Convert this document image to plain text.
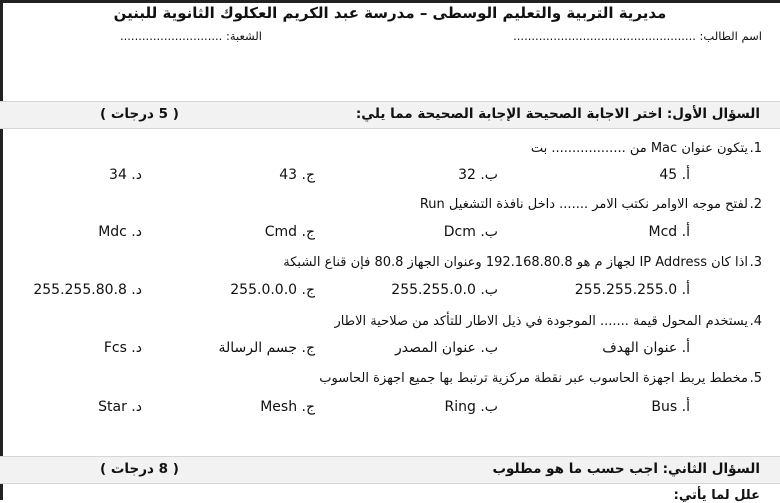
مديرية التربية والتعليم الوسطى – مدرسة عبد الكريم العكلوك الثانوية للبنين
اسم الطالب: ..................................................
الشعبة: ............................
السؤال الأول: اختر الاجابة الصحيحة الإجابة الصحيحة مما يلي:
( 5 درجات )
1.
يتكون عنوان Mac من .................. بت
أ. 45
ب. 32
ج. 43
د. 34
2.
لفتح موجه الاوامر نكتب الامر ....... داخل نافذة التشغيل Run
أ. Mcd
ب. Dcm
ج. Cmd
د. Mdc
3.
اذا كان IP Address لجهاز م هو 192.168.80.8 وعنوان الجهاز 80.8 فإن قناع الشبكة
أ. 255.255.255.0
ب. 255.255.0.0
ج. 255.0.0.0
د. 255.255.80.8
4.
يستخدم المحول قيمة ....... الموجودة في ذيل الاطار للتأكد من صلاحية الاطار
أ. عنوان الهدف
ب. عنوان المصدر
ج. جسم الرسالة
د. Fcs
5.
مخطط يربط اجهزة الحاسوب عبر نقطة مركزية ترتبط بها جميع اجهزة الحاسوب
أ. Bus
ب. Ring
ج. Mesh
د. Star
السؤال الثاني: اجب حسب ما هو مطلوب
( 8 درجات )
علل لما يأتي:
